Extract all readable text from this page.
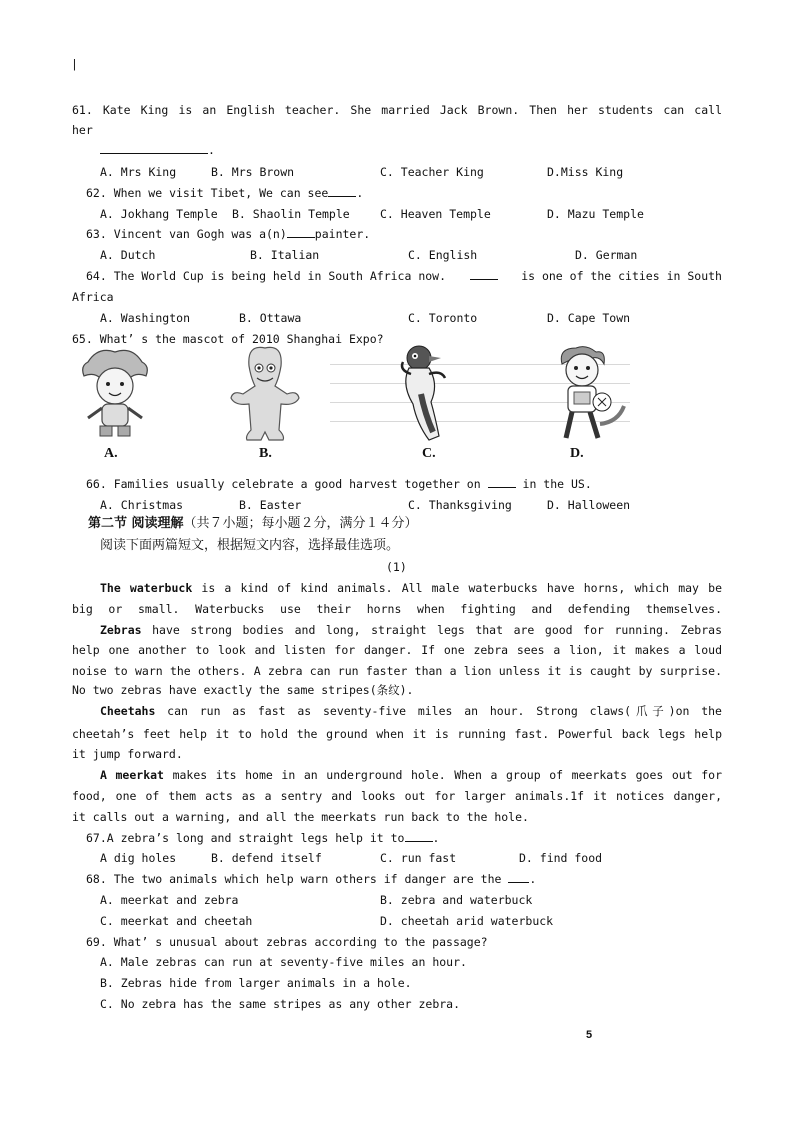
|
61. Kate King is an English teacher. She married Jack Brown. Then her students can call
her
.
A. Mrs King	B. Mrs Brown	C. Teacher King	D.Miss King
62. When we visit Tibet, We can see .
A. Jokhang Temple B. Shaolin Temple	C. Heaven Temple	D. Mazu Temple
63. Vincent van Gogh was a(n) painter.
A. Dutch	B. Italian	C. English	D. German
64. The World Cup is being held in South Africa now.	is one of the cities in South
Africa
A. Washington	B. Ottawa	C. Toronto	D. Cape Town
65. What’ s the mascot of 2010 Shanghai Expo?
A.	B.	C.	D.
66. Families usually celebrate a good harvest together on	in the US.
A. Christmas	B. Easter	C. Thanksgiving	D. Halloween
第二节 阅读理解（共７小题；每小题２分，满分１４分）
阅读下面两篇短文，根据短文内容，选择最佳选项。
(1)
The waterbuck is a kind of kind animals. All male waterbucks have horns, which may be
big or small. Waterbucks use their horns when fighting and defending themselves.
Zebras have strong bodies and long, straight legs that are good for running. Zebras
help one another to look and listen for danger. If one zebra sees a lion, it makes a loud
noise to warn the others. A zebra can run faster than a lion unless it is caught by surprise.
No two zebras have exactly the same stripes(条纹).
Cheetahs can run as fast as seventy-five miles an hour. Strong claws(爪子)on the
cheetah’s feet help it to hold the ground when it is running fast. Powerful back legs help
it jump forward.
A meerkat makes its home in an underground hole. When a group of meerkats goes out for
food, one of them acts as a sentry and looks out for larger animals.1f it notices danger,
it calls out a warning, and all the meerkats run back to the hole.
67.A zebra’s long and straight legs help it to .
A dig holes	B. defend itself	C. run fast	D. find food
68. The two animals which help warn others if danger are the .
A. meerkat and zebra	B. zebra and waterbuck
C. meerkat and cheetah	D. cheetah arid waterbuck
69. What’ s unusual about zebras according to the passage?
A. Male zebras can run at seventy-five miles an hour.
B. Zebras hide from larger animals in a hole.
C. No zebra has the same stripes as any other zebra.
5
